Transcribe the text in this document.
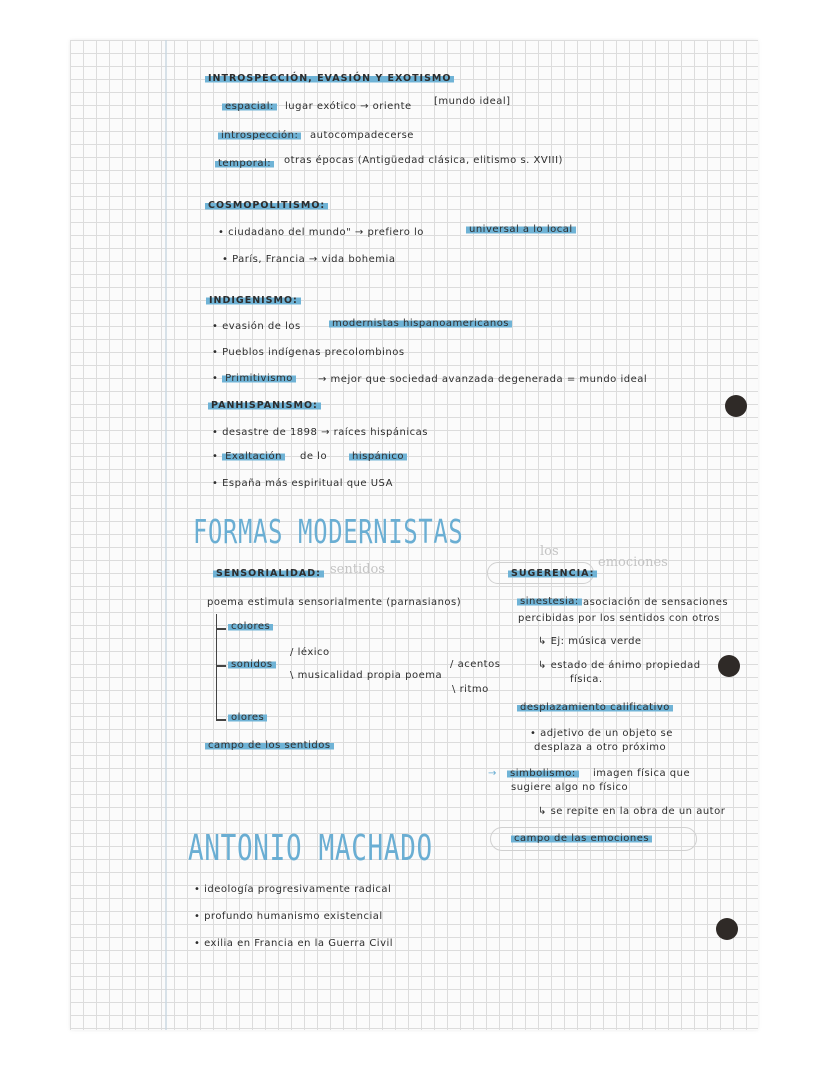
INTROSPECCIÓN, EVASIÓN Y EXOTISMO
espacial:	lugar exótico → oriente [mundo ideal]
introspección:	autocompadecerse
temporal:	otras épocas (Antigüedad clásica, elitismo s. XVIII)
COSMOPOLITISMO:
• ciudadano del mundo" → prefiero lo	universal a lo local
• París, Francia → vida bohemia
INDIGENISMO:
• evasión de los	modernistas hispanoamericanos
• Pueblos indígenas precolombinos
• Primitivismo	→ mejor que sociedad avanzada degenerada = mundo ideal
PANHISPANISMO:
• desastre de 1898 → raíces hispánicas
• Exaltación	de lo	hispánico
• España más espiritual que USA
FORMAS MODERNISTAS
SENSORIALIDAD: sentidos
poema estimula sensorialmente (parnasianos)
colores
sonidos
/ léxico
\ musicalidad propia poema
/ acentos
\ ritmo
olores
campo de los sentidos
los
emociones
SUGERENCIA:
sinestesia: asociación de sensaciones
percibidas por los sentidos con otros
↳ Ej: música verde
↳ estado de ánimo propiedad
física.
desplazamiento calificativo
• adjetivo de un objeto se
desplaza a otro próximo
→	simbolismo:	imagen física que
sugiere algo no físico
↳ se repite en la obra de un autor
campo de las emociones
ANTONIO MACHADO
• ideología progresivamente radical
• profundo humanismo existencial
• exilia en Francia en la Guerra Civil
